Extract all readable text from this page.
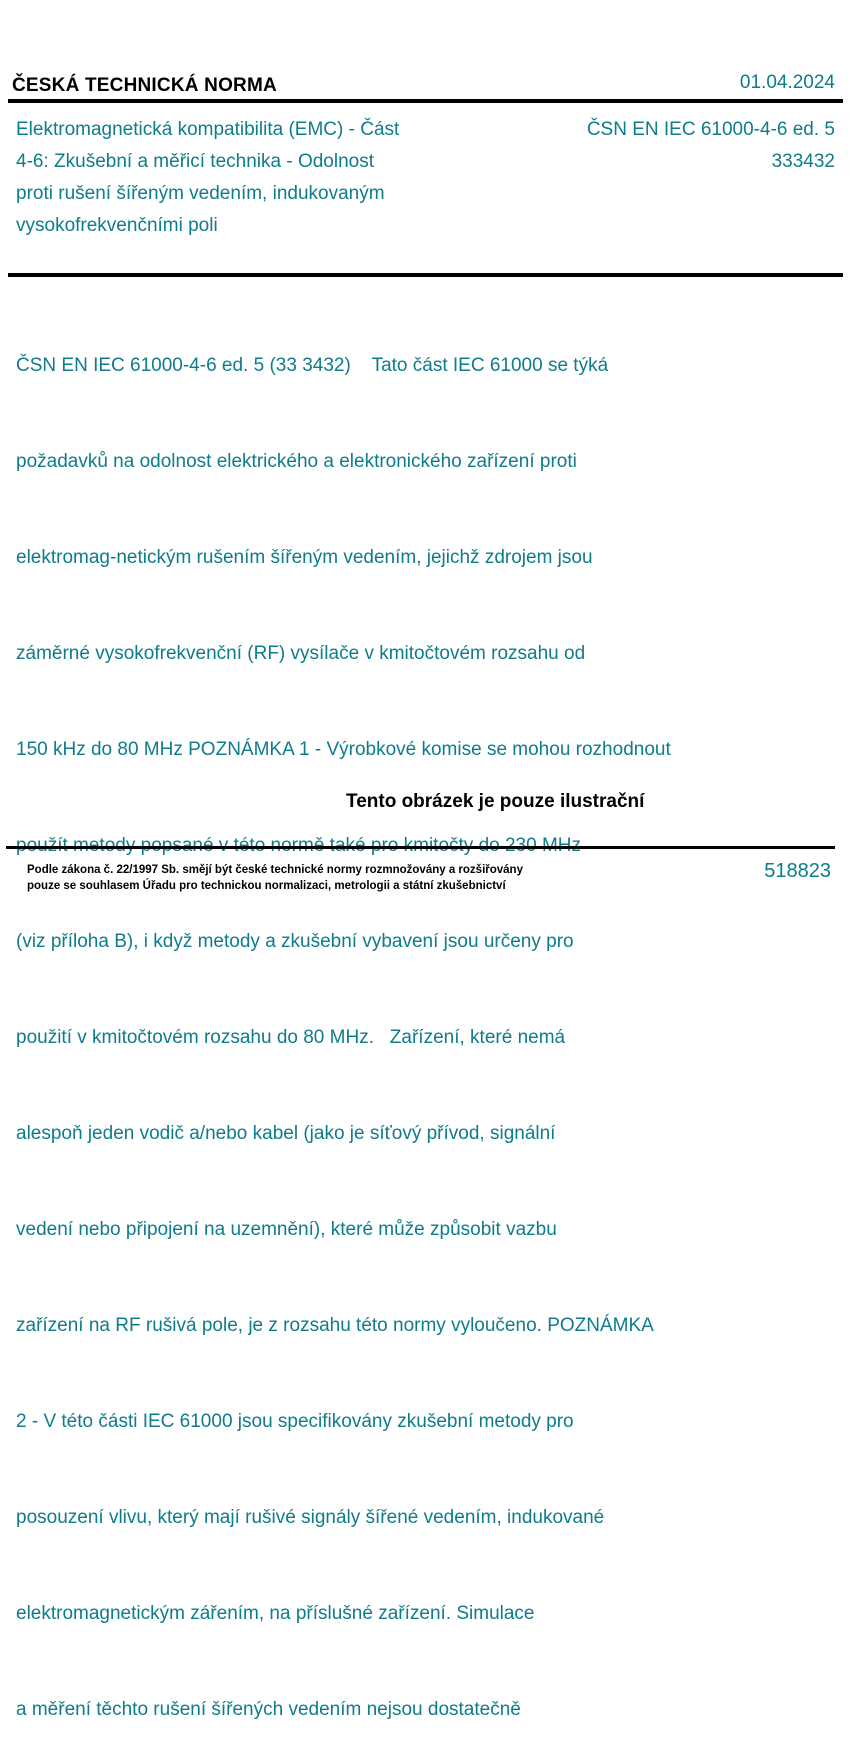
ČESKÁ TECHNICKÁ NORMA	01.04.2024
Elektromagnetická kompatibilita (EMC) - Část
4-6: Zkušební a měřicí technika - Odolnost
proti rušení šířeným vedením, indukovaným
vysokofrekvenčními poli
ČSN EN IEC 61000-4-6 ed. 5
333432

ČSN EN IEC 61000-4-6 ed. 5 (33 3432)    Tato část IEC 61000 se týká

požadavků na odolnost elektrického a elektronického zařízení proti

elektromag-netickým rušením šířeným vedením, jejichž zdrojem jsou

záměrné vysokofrekvenční (RF) vysílače v kmitočtovém rozsahu od

150 kHz do 80 MHz POZNÁMKA 1 - Výrobkové komise se mohou rozhodnout

(viz příloha B), i když metody a zkušební vybavení jsou určeny pro

použití v kmitočtovém rozsahu do 80 MHz.   Zařízení, které nemá

alespoň jeden vodič a/nebo kabel (jako je síťový přívod, signální

vedení nebo připojení na uzemnění), které může způsobit vazbu

zařízení na RF rušivá pole, je z rozsahu této normy vyloučeno. POZNÁMKA

2 - V této části IEC 61000 jsou specifikovány zkušební metody pro

posouzení vlivu, který mají rušivé signály šířené vedením, indukované

elektromagnetickým zářením, na příslušné zařízení. Simulace

a měření těchto rušení šířených vedením nejsou dostatečně

Tento obrázek je pouze ilustrační
Podle zákona č. 22/1997 Sb. smějí být české technické normy rozmnožovány a rozšiřovány
pouze se souhlasem Úřadu pro technickou normalizaci, metrologii a státní zkušebnictví
518823
